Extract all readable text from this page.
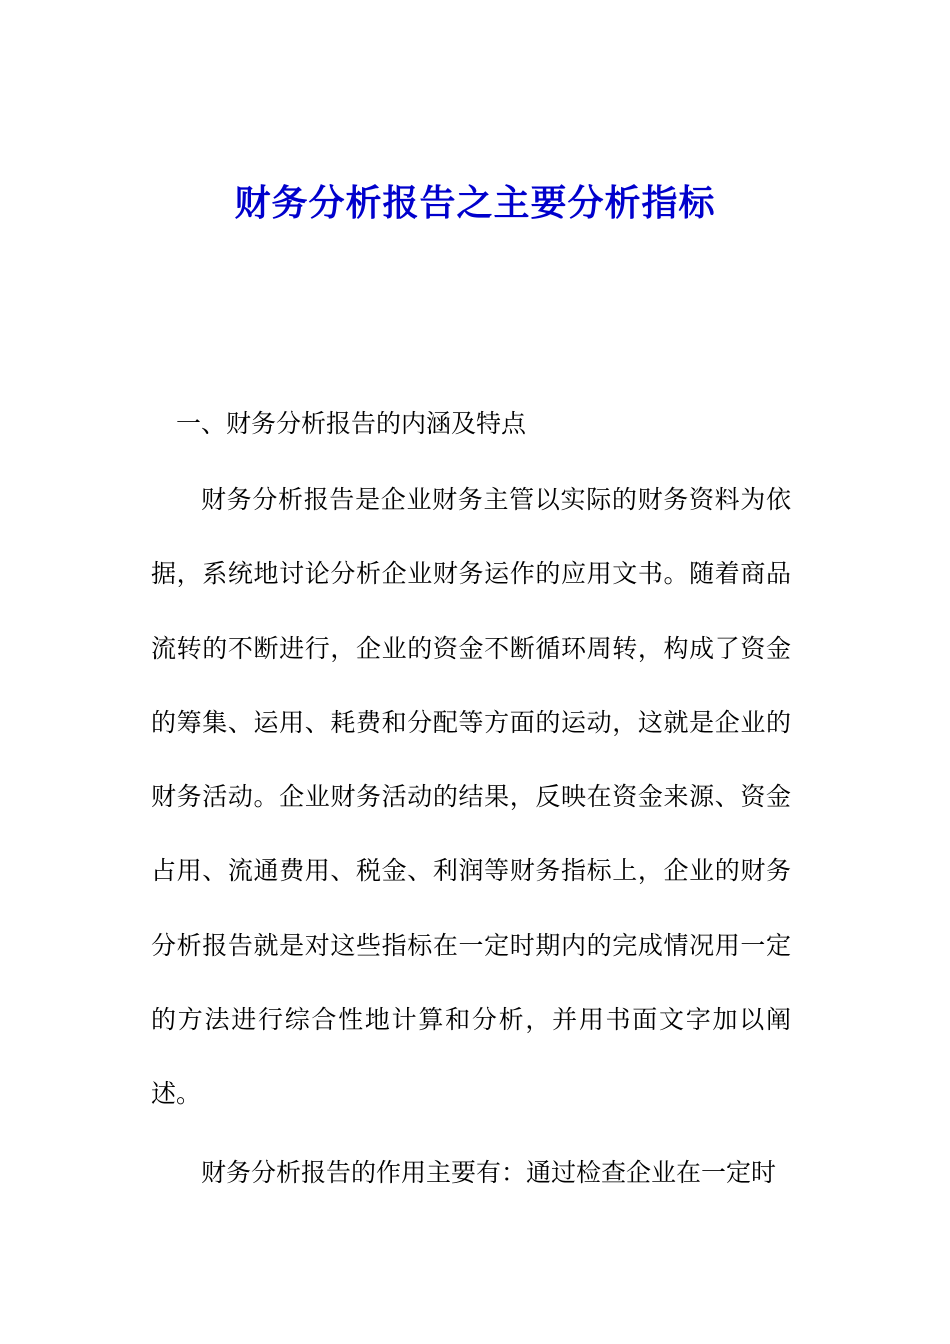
财务分析报告之主要分析指标

一、财务分析报告的内涵及特点

财务分析报告是企业财务主管以实际的财务资料为依据，系统地讨论分析企业财务运作的应用文书。随着商品流转的不断进行，企业的资金不断循环周转，构成了资金的筹集、运用、耗费和分配等方面的运动，这就是企业的财务活动。企业财务活动的结果，反映在资金来源、资金占用、流通费用、税金、利润等财务指标上，企业的财务分析报告就是对这些指标在一定时期内的完成情况用一定的方法进行综合性地计算和分析，并用书面文字加以阐述。

财务分析报告的作用主要有：通过检查企业在一定时
